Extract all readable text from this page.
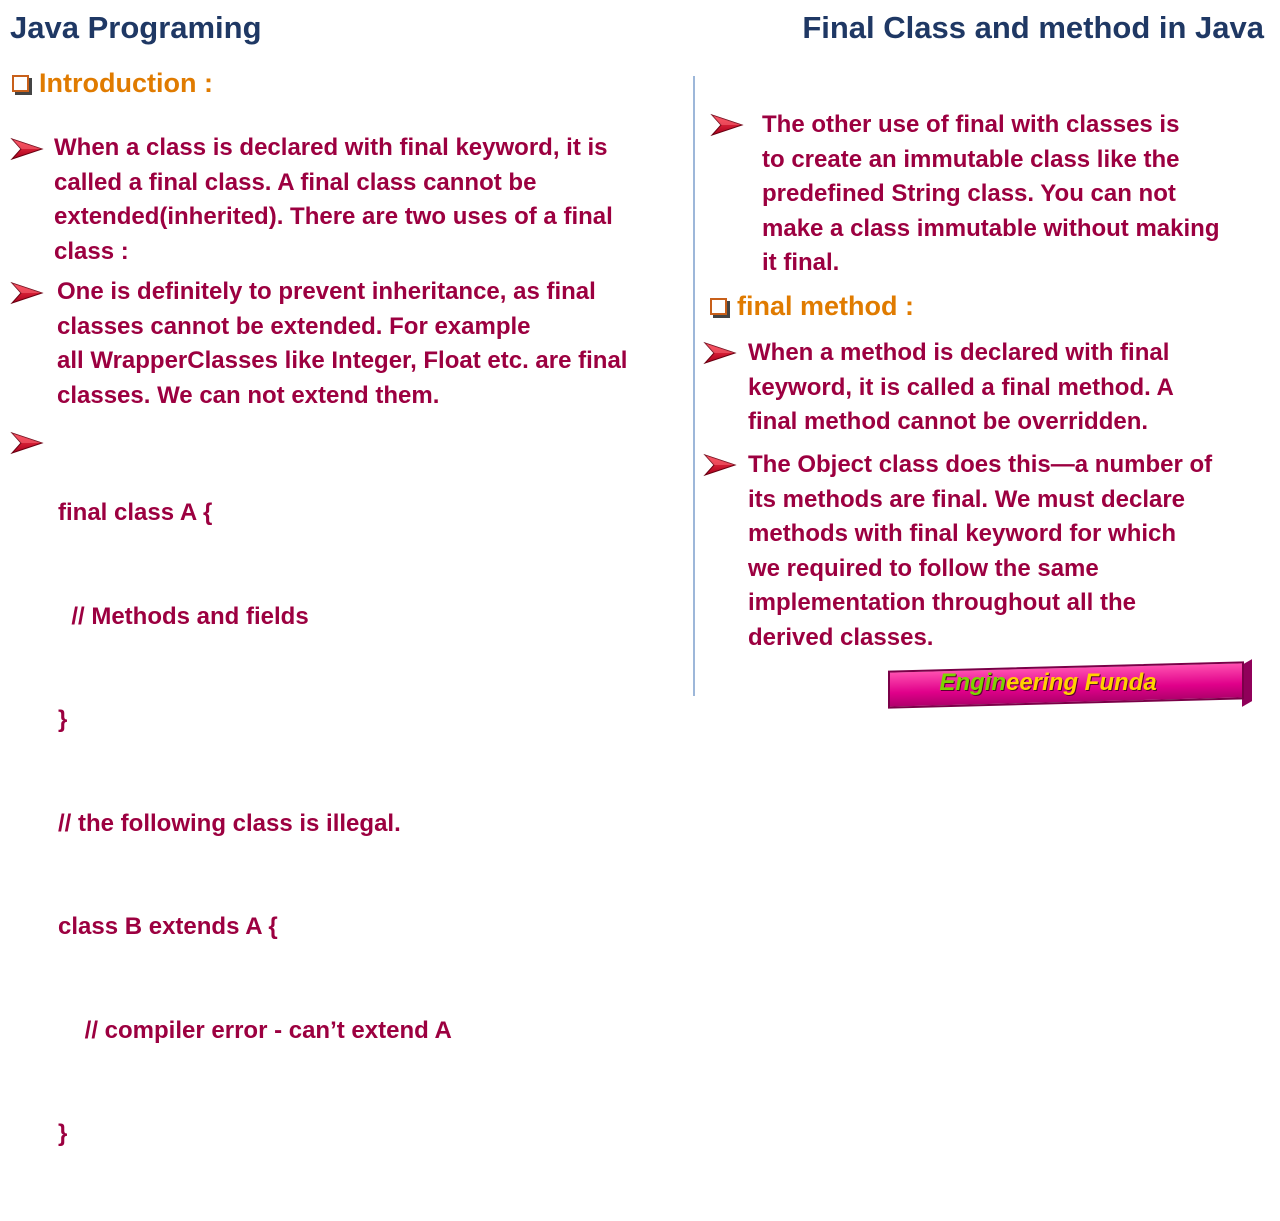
Java Programing	Final Class and method in Java
Introduction :
When a class is declared with final keyword, it is
called a final class. A final class cannot be
extended(inherited). There are two uses of a final
class :
One is definitely to prevent inheritance, as final
classes cannot be extended. For example
all WrapperClasses like Integer, Float etc. are final
classes. We can not extend them.

final class A {

// Methods and fields

}

// the following class is illegal.

class B extends A {

// compiler error - can’t extend A

}

The other use of final with classes is
to create an immutable class like the
predefined String class. You can not
make a class immutable without making
it final.
final method :
When a method is declared with final
keyword, it is called a final method. A
final method cannot be overridden.
The Object class does this—a number of
its methods are final. We must declare
methods with final keyword for which
we required to follow the same
implementation throughout all the
derived classes.
Engineering Funda
